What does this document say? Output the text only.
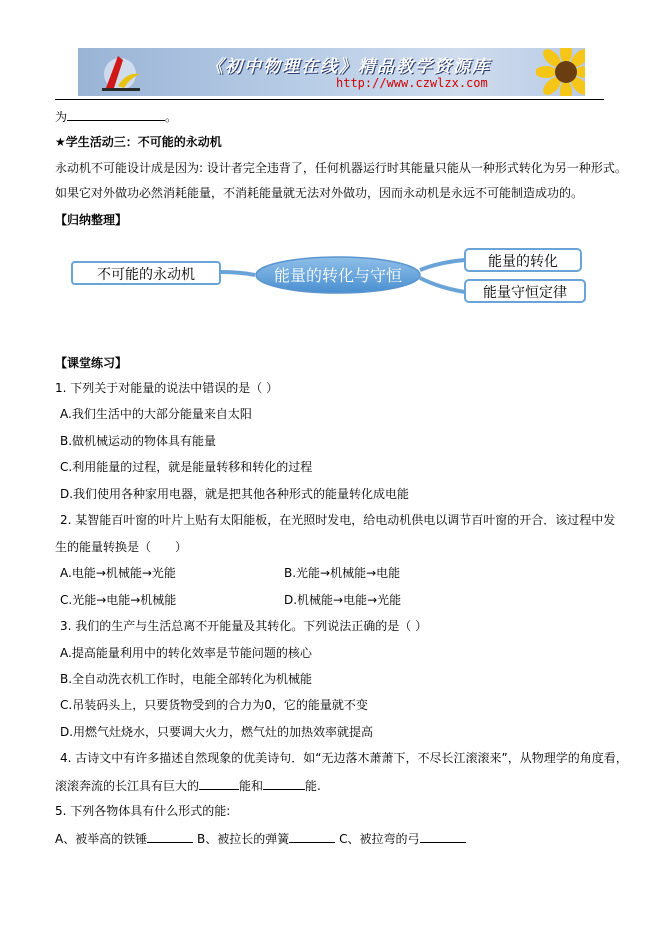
《初中物理在线》精品教学资源库
http://www.czwlzx.com
为	。
★学生活动三：不可能的永动机
永动机不可能设计成是因为: 设计者完全违背了，任何机器运行时其能量只能从一种形式转化为另一种形式。
如果它对外做功必然消耗能量，不消耗能量就无法对外做功，因而永动机是永远不可能制造成功的。
【归纳整理】
不可能的永动机	能量的转化与守恒
能量的转化
能量守恒定律
【课堂练习】
1. 下列关于对能量的说法中错误的是（ ）
A.我们生活中的大部分能量来自太阳
B.做机械运动的物体具有能量
C.利用能量的过程，就是能量转移和转化的过程
D.我们使用各种家用电器，就是把其他各种形式的能量转化成电能
2. 某智能百叶窗的叶片上贴有太阳能板，在光照时发电，给电动机供电以调节百叶窗的开合．该过程中发
生的能量转换是（　　）
A.电能→机械能→光能	B.光能→机械能→电能
C.光能→电能→机械能	D.机械能→电能→光能
3. 我们的生产与生活总离不开能量及其转化。下列说法正确的是（ ）
A.提高能量利用中的转化效率是节能问题的核心
B.全自动洗衣机工作时，电能全部转化为机械能
C.吊装码头上，只要货物受到的合力为0，它的能量就不变
D.用燃气灶烧水，只要调大火力，燃气灶的加热效率就提高
4. 古诗文中有许多描述自然现象的优美诗句．如“无边落木萧萧下，不尽长江滚滚来”，从物理学的角度看，
滚滚奔流的长江具有巨大的	能和	能.
5. 下列各物体具有什么形式的能:
A、被举高的铁锤	B、被拉长的弹簧	C、被拉弯的弓
